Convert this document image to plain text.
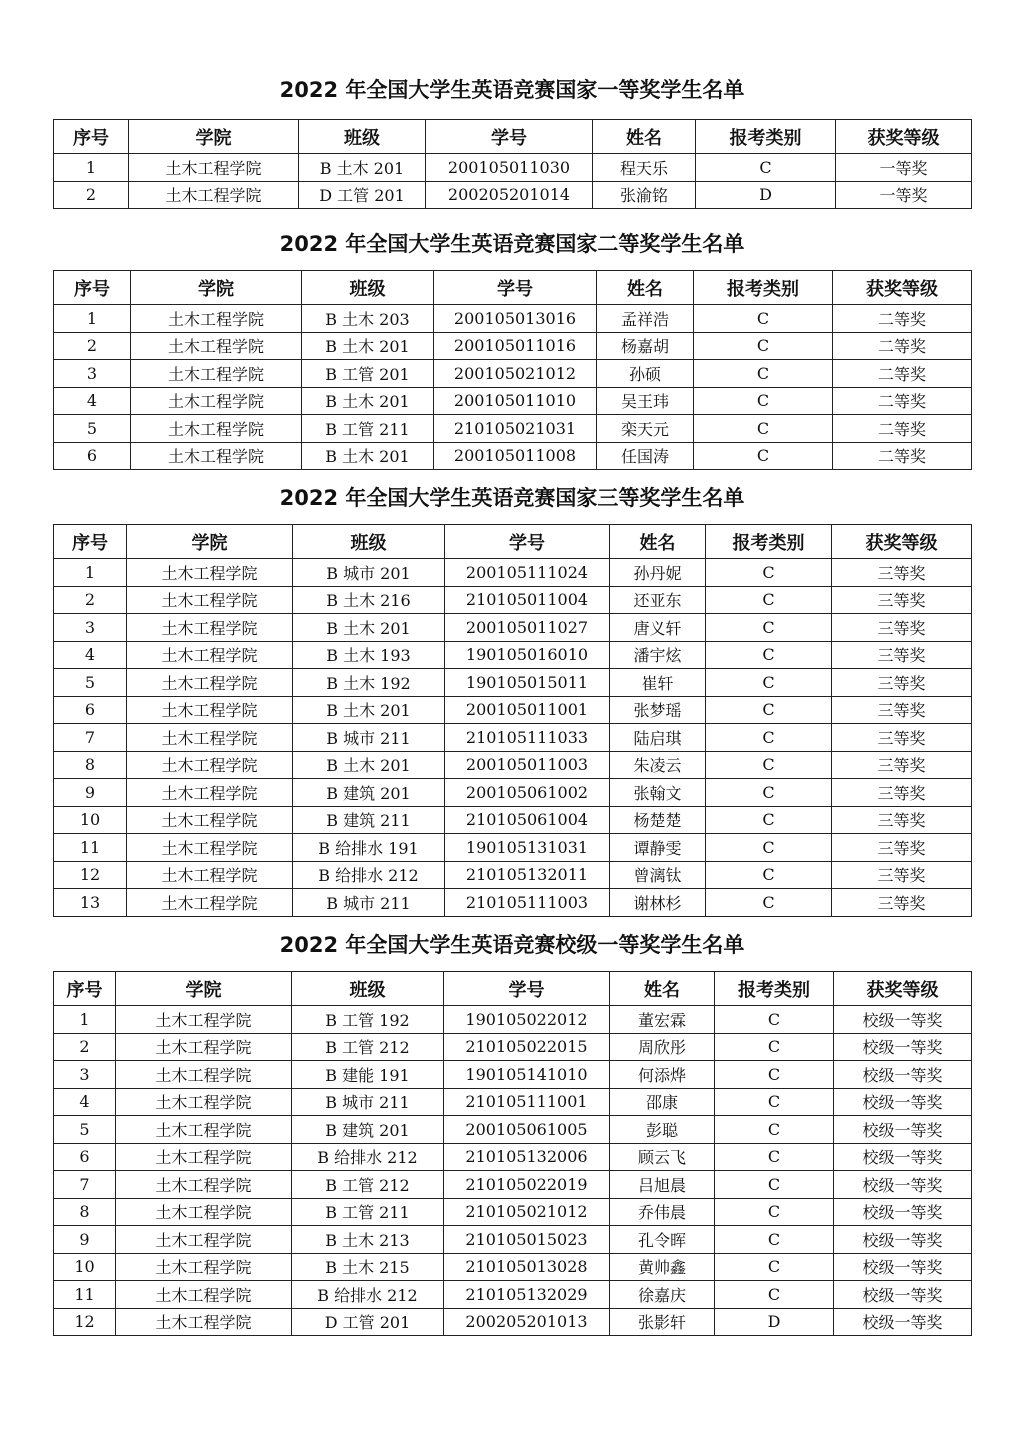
2022 年全国大学生英语竞赛国家一等奖学生名单
序号	学院	班级	学号	姓名	报考类别	获奖等级
1	土木工程学院	B 土木 201	200105011030	程天乐	C	一等奖
2	土木工程学院	D 工管 201	200205201014	张渝铭	D	一等奖
2022 年全国大学生英语竞赛国家二等奖学生名单
序号	学院	班级	学号	姓名	报考类别	获奖等级
1	土木工程学院	B 土木 203	200105013016	孟祥浩	C	二等奖
2	土木工程学院	B 土木 201	200105011016	杨嘉胡	C	二等奖
3	土木工程学院	B 工管 201	200105021012	孙硕	C	二等奖
4	土木工程学院	B 土木 201	200105011010	吴王玮	C	二等奖
5	土木工程学院	B 工管 211	210105021031	栾天元	C	二等奖
6	土木工程学院	B 土木 201	200105011008	任国涛	C	二等奖
2022 年全国大学生英语竞赛国家三等奖学生名单
序号	学院	班级	学号	姓名	报考类别	获奖等级
1	土木工程学院	B 城市 201	200105111024	孙丹妮	C	三等奖
2	土木工程学院	B 土木 216	210105011004	还亚东	C	三等奖
3	土木工程学院	B 土木 201	200105011027	唐义轩	C	三等奖
4	土木工程学院	B 土木 193	190105016010	潘宇炫	C	三等奖
5	土木工程学院	B 土木 192	190105015011	崔轩	C	三等奖
6	土木工程学院	B 土木 201	200105011001	张梦瑶	C	三等奖
7	土木工程学院	B 城市 211	210105111033	陆启琪	C	三等奖
8	土木工程学院	B 土木 201	200105011003	朱凌云	C	三等奖
9	土木工程学院	B 建筑 201	200105061002	张翰文	C	三等奖
10	土木工程学院	B 建筑 211	210105061004	杨楚楚	C	三等奖
11	土木工程学院	B 给排水 191	190105131031	谭静雯	C	三等奖
12	土木工程学院	B 给排水 212	210105132011	曾漓钛	C	三等奖
13	土木工程学院	B 城市 211	210105111003	谢林杉	C	三等奖
2022 年全国大学生英语竞赛校级一等奖学生名单
序号	学院	班级	学号	姓名	报考类别	获奖等级
1	土木工程学院	B 工管 192	190105022012	董宏霖	C	校级一等奖
2	土木工程学院	B 工管 212	210105022015	周欣彤	C	校级一等奖
3	土木工程学院	B 建能 191	190105141010	何添烨	C	校级一等奖
4	土木工程学院	B 城市 211	210105111001	邵康	C	校级一等奖
5	土木工程学院	B 建筑 201	200105061005	彭聪	C	校级一等奖
6	土木工程学院	B 给排水 212	210105132006	顾云飞	C	校级一等奖
7	土木工程学院	B 工管 212	210105022019	吕旭晨	C	校级一等奖
8	土木工程学院	B 工管 211	210105021012	乔伟晨	C	校级一等奖
9	土木工程学院	B 土木 213	210105015023	孔令晖	C	校级一等奖
10	土木工程学院	B 土木 215	210105013028	黄帅鑫	C	校级一等奖
11	土木工程学院	B 给排水 212	210105132029	徐嘉庆	C	校级一等奖
12	土木工程学院	D 工管 201	200205201013	张影轩	D	校级一等奖
